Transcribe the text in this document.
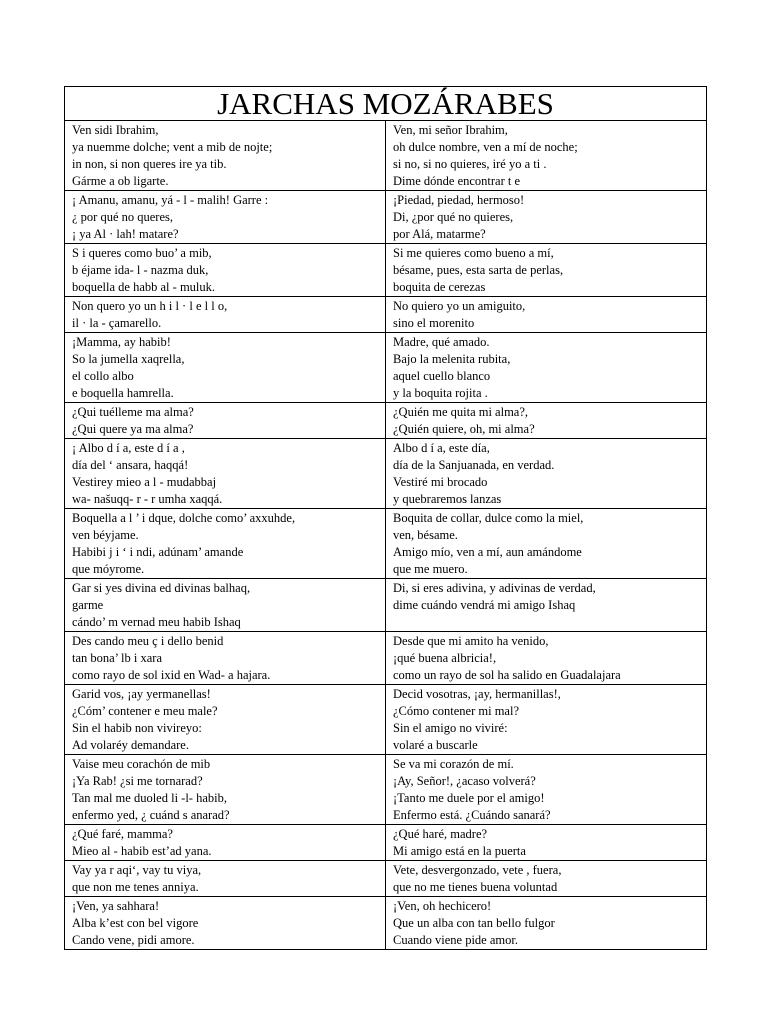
JARCHAS MOZÁRABES	

Ven sidi Ibrahim,
ya nuemme dolche; vent a mib de nojte;
in non, si non queres ire ya tib.
Gárme a ob ligarte.	Ven, mi señor Ibrahim,
oh dulce nombre, ven a mí de noche;
si no, si no quieres, iré yo a ti .
Dime dónde encontrar t e

¡ Amanu, amanu, yá - l - malih! Garre :
¿ por qué no queres,
¡ ya Al · lah! matare?	¡Piedad, piedad, hermoso!
Di, ¿por qué no quieres,
por Alá, matarme?

S i queres como buo’ a mib,
b éjame ida- l - nazma duk,
boquella de habb al - muluk.	Si me quieres como bueno a mí,
bésame, pues, esta sarta de perlas,
boquita de cerezas

Non quero yo un h i l · l e l l o,
il · la - çamarello.	No quiero yo un amiguito,
sino el morenito

¡Mamma, ay habib!
So la jumella xaqrella,
el collo albo
e boquella hamrella.	Madre, qué amado.
Bajo la melenita rubita,
aquel cuello blanco
y la boquita rojita .

¿Qui tuélleme ma alma?
¿Qui quere ya ma alma?	¿Quién me quita mi alma?,
¿Quién quiere, oh, mi alma?

¡ Albo d í a, este d í a ,
día del ‘ ansara, haqqá!
Vestirey mieo a l - mudabbaj
wa- našuqq- r - r umha xaqqá.	Albo d í a, este día,
día de la Sanjuanada, en verdad.
Vestiré mi brocado
y quebraremos lanzas

Boquella a l ’ i dque, dolche como’ axxuhde,
ven béyjame.
Habibi j i ‘ i ndi, adúnam’ amande
que móyrome.	Boquita de collar, dulce como la miel,
ven, bésame.
Amigo mío, ven a mí, aun amándome
que me muero.

Gar si yes divina ed divinas balhaq,
garme
cándo’ m vernad meu habib Ishaq	Di, si eres adivina, y adivinas de verdad,
dime cuándo vendrá mi amigo Ishaq

Des cando meu ç i dello benid
tan bona’ lb i xara
como rayo de sol ixid en Wad- a hajara.	Desde que mi amito ha venido,
¡qué buena albricia!,
como un rayo de sol ha salido en Guadalajara

Garid vos, ¡ay yermanellas!
¿Cóm’ contener e meu male?
Sin el habib non vivireyo:
Ad volaréy demandare.	Decid vosotras, ¡ay, hermanillas!,
¿Cómo contener mi mal?
Sin el amigo no viviré:
volaré a buscarle

Vaise meu corachón de mib
¡Ya Rab! ¿si me tornarad?
Tan mal me duoled li -l- habib,
enfermo yed, ¿ cuánd s anarad?	Se va mi corazón de mí.
¡Ay, Señor!, ¿acaso volverá?
¡Tanto me duele por el amigo!
Enfermo está. ¿Cuándo sanará?

¿Qué faré, mamma?
Mieo al - habib est’ad yana.	¿Qué haré, madre?
Mi amigo está en la puerta

Vay ya r aqi‘, vay tu viya,
que non me tenes anniya.	Vete, desvergonzado, vete , fuera,
que no me tienes buena voluntad

¡Ven, ya sahhara!
Alba k’est con bel vigore
Cando vene, pidi amore.	¡Ven, oh hechicero!
Que un alba con tan bello fulgor
Cuando viene pide amor.
